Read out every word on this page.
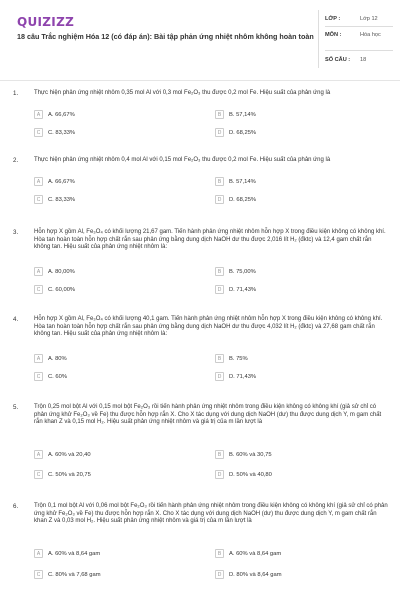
QUIZIZZ
18 câu Trắc nghiệm Hóa 12 (có đáp án): Bài tập phản ứng nhiệt nhôm không hoàn toàn
LỚP :	Lớp 12
MÔN :	Hóa học
SỐ CÂU : 18
1.	Thực hiện phản ứng nhiệt nhôm 0,35 mol Al với 0,3 mol Fe₂O₃ thu được 0,2 mol Fe. Hiệu suất của phản ứng là
A	A. 66,67%	B	B. 57,14%
C	C. 83,33%	D	D. 68,25%
2.	Thực hiện phản ứng nhiệt nhôm 0,4 mol Al với 0,15 mol Fe₂O₃ thu được 0,2 mol Fe. Hiệu suất của phản ứng là
A	A. 66,67%	B	B. 57,14%
C	C. 83,33%	D	D. 68,25%
3.	Hỗn hợp X gồm Al, Fe₃O₄ có khối lượng 21,67 gam. Tiến hành phản ứng nhiệt nhôm hỗn hợp X trong điều kiện không có không khí. Hòa tan hoàn toàn hỗn hợp chất rắn sau phản ứng bằng dung dịch NaOH dư thu được 2,016 lít H₂ (đktc) và 12,4 gam chất rắn không tan. Hiệu suất của phản ứng nhiệt nhôm là:
A	A. 80,00%	B	B. 75,00%
C	C. 60,00%	D	D. 71,43%
4.	Hỗn hợp X gồm Al, Fe₃O₄ có khối lượng 40,1 gam. Tiến hành phản ứng nhiệt nhôm hỗn hợp X trong điều kiện không có không khí. Hòa tan hoàn toàn hỗn hợp chất rắn sau phản ứng bằng dung dịch NaOH dư thu được 4,032 lít H₂ (đktc) và 27,68 gam chất rắn không tan. Hiệu suất của phản ứng nhiệt nhôm là:
A	A. 80%	B	B. 75%
C	C. 60%	D	D. 71,43%
5.	Trộn 0,25 mol bột Al với 0,15 mol bột Fe₂O₃ rồi tiến hành phản ứng nhiệt nhôm trong điều kiện không có không khí (giả sử chỉ có phản ứng khử Fe₂O₃ về Fe) thu được hỗn hợp rắn X. Cho X tác dụng với dung dịch NaOH (dư) thu được dung dịch Y, m gam chất rắn khan Z và 0,15 mol H₂. Hiệu suất phản ứng nhiệt nhôm và giá trị của m lần lượt là
A	A. 60% và 20,40	B	B. 60% và 30,75
C	C. 50% và 20,75	D	D. 50% và 40,80
6.	Trộn 0,1 mol bột Al với 0,06 mol bột Fe₂O₃ rồi tiến hành phản ứng nhiệt nhôm trong điều kiện không có không khí (giả sử chỉ có phản ứng khử Fe₂O₃ về Fe) thu được hỗn hợp rắn X. Cho X tác dụng với dung dịch NaOH (dư) thu được dung dịch Y, m gam chất rắn khan Z và 0,03 mol H₂. Hiệu suất phản ứng nhiệt nhôm và giá trị của m lần lượt là
A	A. 60% và 8,64 gam	B	A. 60% và 8,64 gam
C	C. 80% và 7,68 gam	D	D. 80% và 8,64 gam
